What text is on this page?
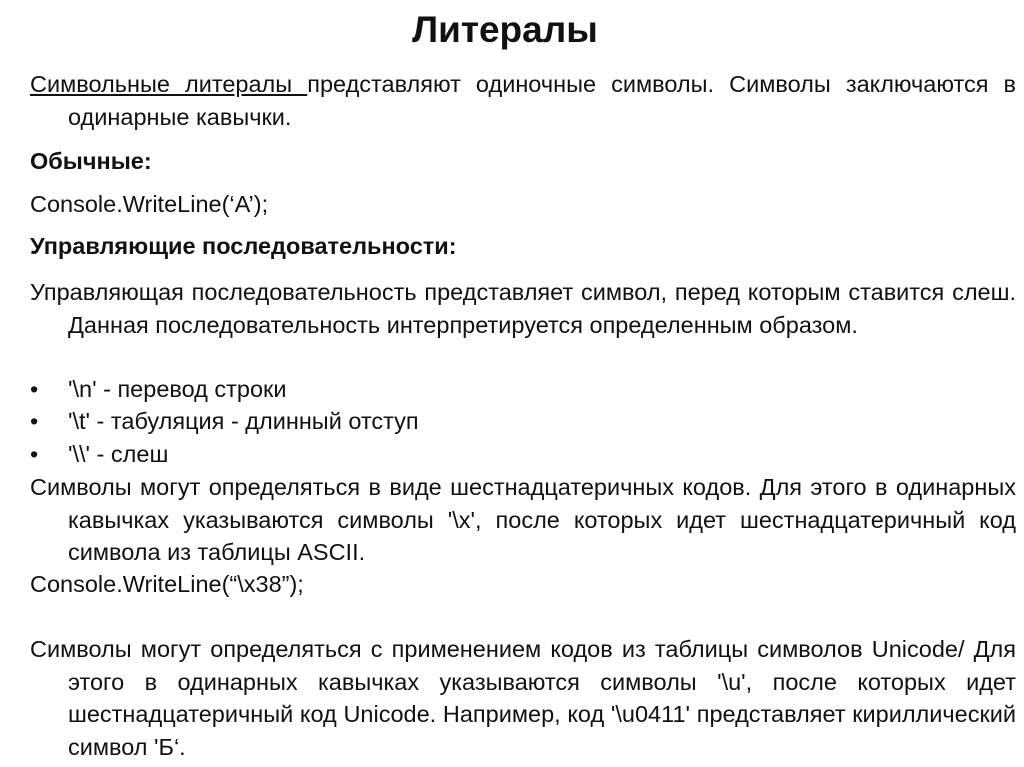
Литералы
Символьные литералы представляют одиночные символы. Символы заключаются в одинарные кавычки.
Обычные:
Console.WriteLine(‘A’);
Управляющие последовательности:
Управляющая последовательность представляет символ, перед которым ставится слеш. Данная последовательность интерпретируется определенным образом.
•	'\n' - перевод строки
•	'\t' - табуляция - длинный отступ
•	'\\' - слеш
Символы могут определяться в виде шестнадцатеричных кодов. Для этого в одинарных кавычках указываются символы '\x', после которых идет шестнадцатеричный код символа из таблицы ASCII.
Console.WriteLine(“\x38”);
Символы могут определяться с применением кодов из таблицы символов Unicode/ Для этого в одинарных кавычках указываются символы '\u', после которых идет шестнадцатеричный код Unicode. Например, код '\u0411' представляет кириллический символ 'Б‘.
